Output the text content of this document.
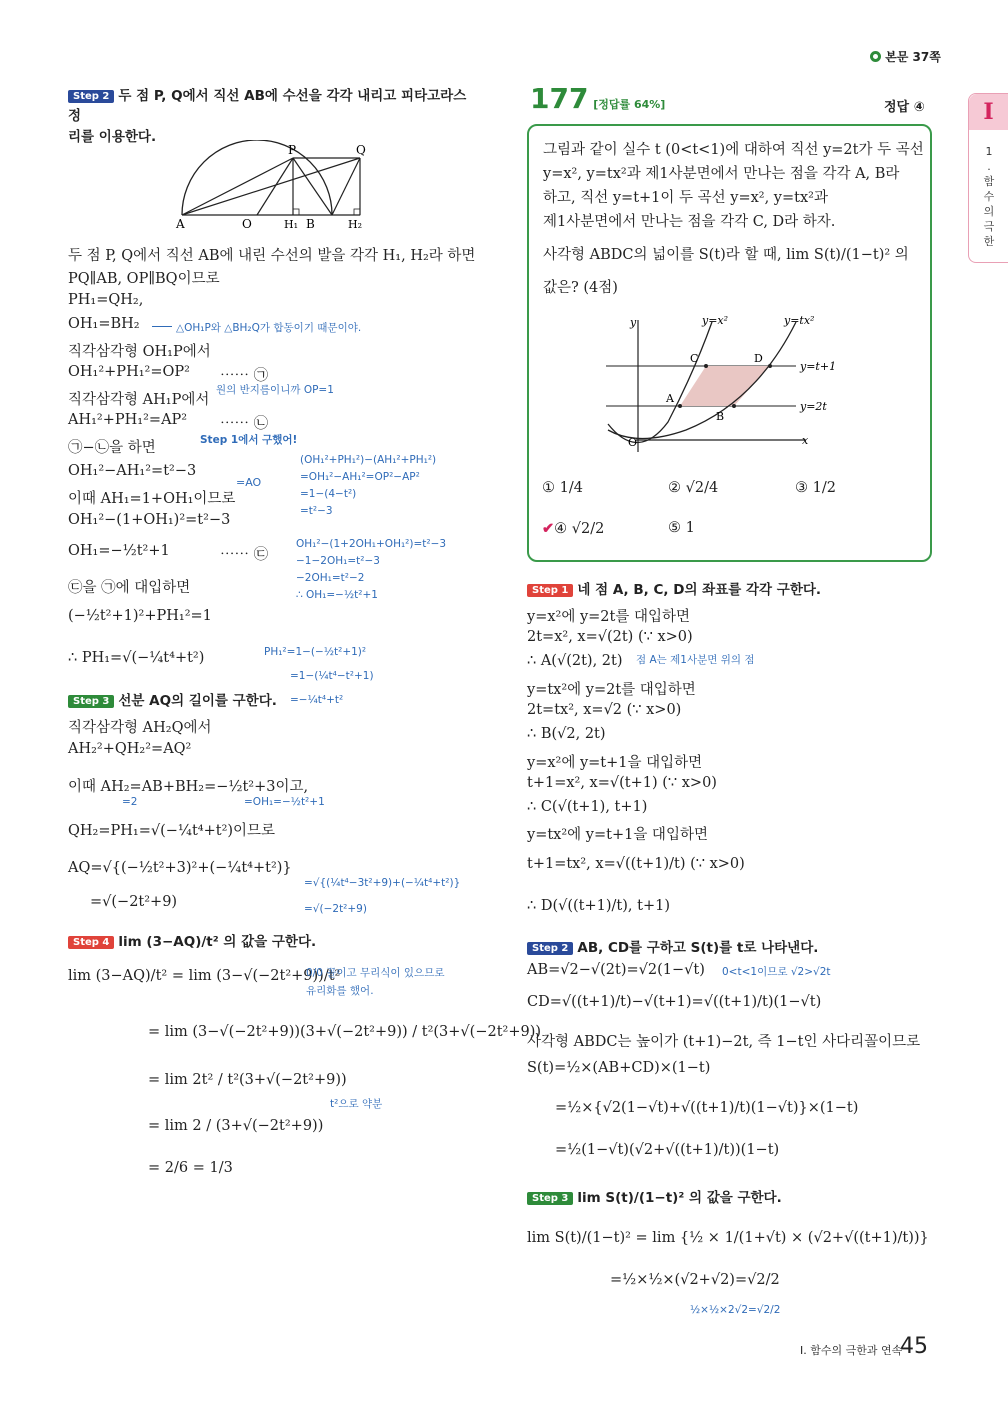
본문 37쪽
I
1
.
함
수
의
극
한
Step 2 두 점 P, Q에서 직선 AB에 수선을 각각 내리고 피타고라스 정
리를 이용한다.
P	Q
A	O	H₁ B	H₂
두 점 P, Q에서 직선 AB에 내린 수선의 발을 각각 H₁, H₂라 하면
PQ∥AB, OP∥BQ이므로
PH₁=QH₂,
OH₁=BH₂	△OH₁P와 △BH₂Q가 합동이기 때문이야.
직각삼각형 OH₁P에서
OH₁²+PH₁²=OP² ⋯⋯ ㉠
원의 반지름이니까 OP=1
직각삼각형 AH₁P에서
AH₁²+PH₁²=AP² ⋯⋯ ㉡
Step 1에서 구했어!
㉠−㉡을 하면
OH₁²−AH₁²=t²−3
=AO
이때 AH₁=1+OH₁이므로
OH₁²−(1+OH₁)²=t²−3
OH₁=−½t²+1	⋯⋯ ㉢
㉢을 ㉠에 대입하면
(−½t²+1)²+PH₁²=1
∴ PH₁=√(−¼t⁴+t²)
(OH₁²+PH₁²)−(AH₁²+PH₁²)
=OH₁²−AH₁²=OP²−AP²
=1−(4−t²)
=t²−3
OH₁²−(1+2OH₁+OH₁²)=t²−3
−1−2OH₁=t²−3
−2OH₁=t²−2
∴ OH₁=−½t²+1
PH₁²=1−(−½t²+1)²
=1−(¼t⁴−t²+1)
=−¼t⁴+t²
Step 3 선분 AQ의 길이를 구한다.
직각삼각형 AH₂Q에서
AH₂²+QH₂²=AQ²
이때 AH₂=AB+BH₂=−½t²+3이고,
=2	=OH₁=−½t²+1
QH₂=PH₁=√(−¼t⁴+t²)이므로
AQ=√{(−½t²+3)²+(−¼t⁴+t²)}
=√(−2t²+9)
=√{(¼t⁴−3t²+9)+(−¼t⁴+t²)}
=√(−2t²+9)
Step 4 lim (3−AQ)/t² 의 값을 구한다.
lim (3−AQ)/t² = lim (3−√(−2t²+9))/t²
0/0 꼴이고 무리식이 있으므로
유리화를 했어.
= lim (3−√(−2t²+9))(3+√(−2t²+9)) / t²(3+√(−2t²+9))
= lim 2t² / t²(3+√(−2t²+9))
t²으로 약분
= lim 2 / (3+√(−2t²+9))
= 2/6 = 1/3
177 [정답률 64%]	정답 ④
그림과 같이 실수 t (0<t<1)에 대하여 직선 y=2t가 두 곡선
y=x², y=tx²과 제1사분면에서 만나는 점을 각각 A, B라
하고, 직선 y=t+1이 두 곡선 y=x², y=tx²과
제1사분면에서 만나는 점을 각각 C, D라 하자.
사각형 ABDC의 넓이를 S(t)라 할 때, lim S(t)/(1−t)² 의
값은? (4점)
y
x
O
y=x²	y=tx²
y=t+1
y=2t
A
B
C	D
① 1/4	② √2/4	③ 1/2
✔④ √2/2	⑤ 1
Step 1 네 점 A, B, C, D의 좌표를 각각 구한다.
y=x²에 y=2t를 대입하면
2t=x², x=√(2t) (∵ x>0)
∴ A(√(2t), 2t) 점 A는 제1사분면 위의 점
y=tx²에 y=2t를 대입하면
2t=tx², x=√2 (∵ x>0)
∴ B(√2, 2t)
y=x²에 y=t+1을 대입하면
t+1=x², x=√(t+1) (∵ x>0)
∴ C(√(t+1), t+1)
y=tx²에 y=t+1을 대입하면
t+1=tx², x=√((t+1)/t) (∵ x>0)
∴ D(√((t+1)/t), t+1)
Step 2 AB, CD를 구하고 S(t)를 t로 나타낸다.
AB=√2−√(2t)=√2(1−√t) 0<t<1이므로 √2>√2t
CD=√((t+1)/t)−√(t+1)=√((t+1)/t)(1−√t)
사각형 ABDC는 높이가 (t+1)−2t, 즉 1−t인 사다리꼴이므로
S(t)=½×(AB+CD)×(1−t)
=½×{√2(1−√t)+√((t+1)/t)(1−√t)}×(1−t)
=½(1−√t)(√2+√((t+1)/t))(1−t)
Step 3 lim S(t)/(1−t)² 의 값을 구한다.
lim S(t)/(1−t)² = lim {½ × 1/(1+√t) × (√2+√((t+1)/t))}
=½×½×(√2+√2)=√2/2
½×½×2√2=√2/2
I. 함수의 극한과 연속
45
